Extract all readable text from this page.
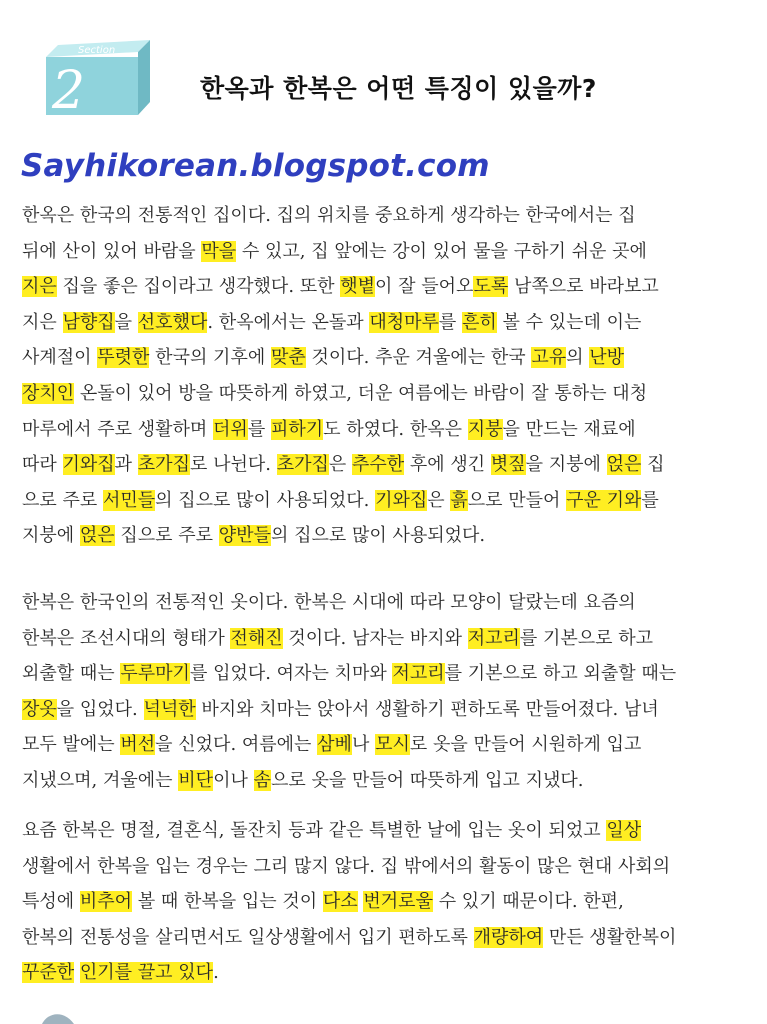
Section
2	한옥과 한복은 어떤 특징이 있을까?
Sayhikorean.blogspot.com
한옥은 한국의 전통적인 집이다. 집의 위치를 중요하게 생각하는 한국에서는 집
뒤에 산이 있어 바람을 막을 수 있고, 집 앞에는 강이 있어 물을 구하기 쉬운 곳에
지은 집을 좋은 집이라고 생각했다. 또한 햇볕이 잘 들어오도록 남쪽으로 바라보고
지은 남향집을 선호했다. 한옥에서는 온돌과 대청마루를 흔히 볼 수 있는데 이는
사계절이 뚜렷한 한국의 기후에 맞춘 것이다. 추운 겨울에는 한국 고유의 난방
장치인 온돌이 있어 방을 따뜻하게 하였고, 더운 여름에는 바람이 잘 통하는 대청
마루에서 주로 생활하며 더위를 피하기도 하였다. 한옥은 지붕을 만드는 재료에
따라 기와집과 초가집로 나뉜다. 초가집은 추수한 후에 생긴 볏짚을 지붕에 얹은 집
으로 주로 서민들의 집으로 많이 사용되었다. 기와집은 흙으로 만들어 구운 기와를
지붕에 얹은 집으로 주로 양반들의 집으로 많이 사용되었다.
한복은 한국인의 전통적인 옷이다. 한복은 시대에 따라 모양이 달랐는데 요즘의
한복은 조선시대의 형태가 전해진 것이다. 남자는 바지와 저고리를 기본으로 하고
외출할 때는 두루마기를 입었다. 여자는 치마와 저고리를 기본으로 하고 외출할 때는
장옷을 입었다. 넉넉한 바지와 치마는 앉아서 생활하기 편하도록 만들어졌다. 남녀
모두 발에는 버선을 신었다. 여름에는 삼베나 모시로 옷을 만들어 시원하게 입고
지냈으며, 겨울에는 비단이나 솜으로 옷을 만들어 따뜻하게 입고 지냈다.
요즘 한복은 명절, 결혼식, 돌잔치 등과 같은 특별한 날에 입는 옷이 되었고 일상
생활에서 한복을 입는 경우는 그리 많지 않다. 집 밖에서의 활동이 많은 현대 사회의
특성에 비추어 볼 때 한복을 입는 것이 다소 번거로울 수 있기 때문이다. 한편,
한복의 전통성을 살리면서도 일상생활에서 입기 편하도록 개량하여 만든 생활한복이
꾸준한 인기를 끌고 있다.
